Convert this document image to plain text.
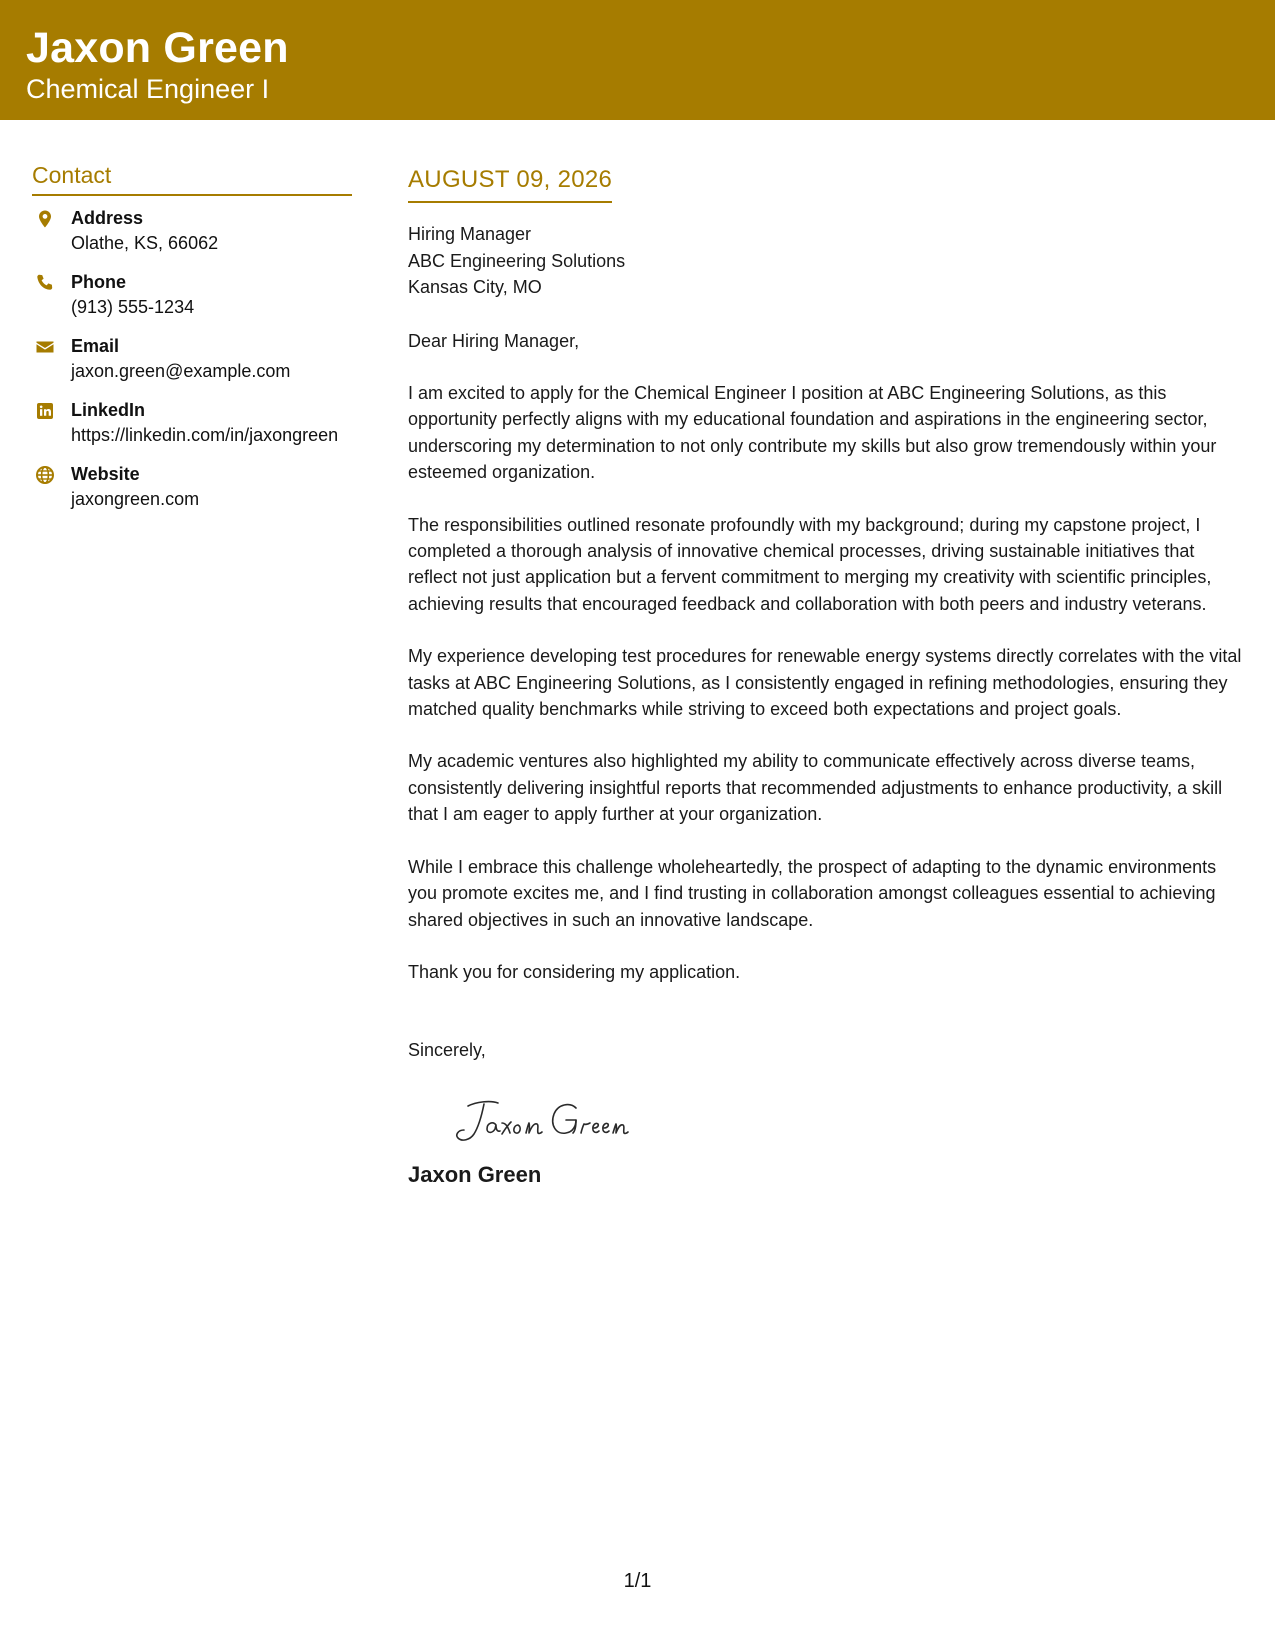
Jaxon Green
Chemical Engineer I
Contact
Address
Olathe, KS, 66062
Phone
(913) 555-1234
Email
jaxon.green@example.com
LinkedIn
https://linkedin.com/in/jaxongreen
Website
jaxongreen.com
AUGUST 09, 2026
Hiring Manager
ABC Engineering Solutions
Kansas City, MO
Dear Hiring Manager,
I am excited to apply for the Chemical Engineer I position at ABC Engineering Solutions, as this opportunity perfectly aligns with my educational foundation and aspirations in the engineering sector, underscoring my determination to not only contribute my skills but also grow tremendously within your esteemed organization.
The responsibilities outlined resonate profoundly with my background; during my capstone project, I completed a thorough analysis of innovative chemical processes, driving sustainable initiatives that reflect not just application but a fervent commitment to merging my creativity with scientific principles, achieving results that encouraged feedback and collaboration with both peers and industry veterans.
My experience developing test procedures for renewable energy systems directly correlates with the vital tasks at ABC Engineering Solutions, as I consistently engaged in refining methodologies, ensuring they matched quality benchmarks while striving to exceed both expectations and project goals.
My academic ventures also highlighted my ability to communicate effectively across diverse teams, consistently delivering insightful reports that recommended adjustments to enhance productivity, a skill that I am eager to apply further at your organization.
While I embrace this challenge wholeheartedly, the prospect of adapting to the dynamic environments you promote excites me, and I find trusting in collaboration amongst colleagues essential to achieving shared objectives in such an innovative landscape.
Thank you for considering my application.
Sincerely,
Jaxon Green
1/1
